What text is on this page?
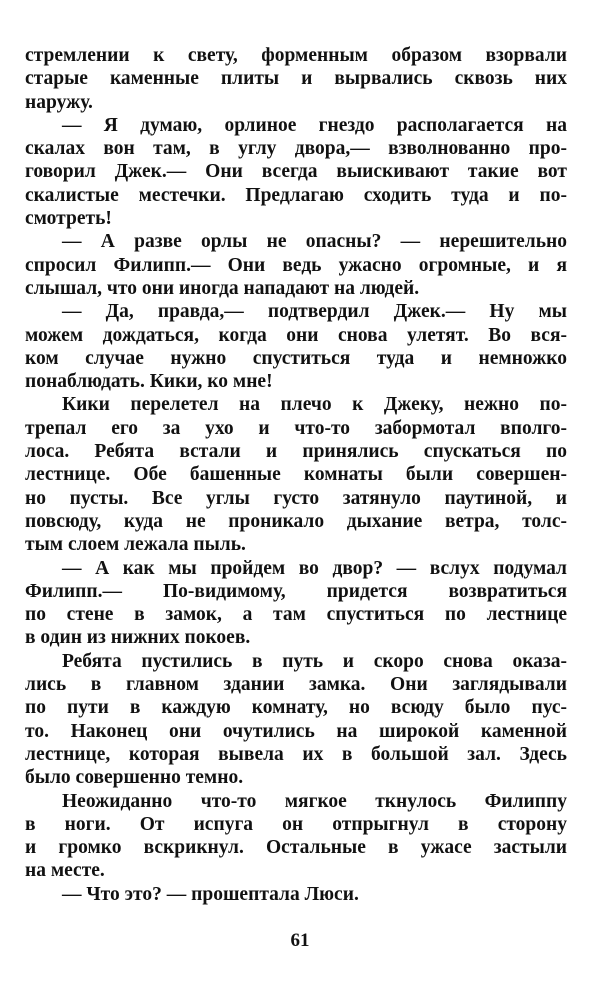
стремлении к свету, форменным образом взорвали
старые каменные плиты и вырвались сквозь них
наружу.
— Я думаю, орлиное гнездо располагается на
скалах вон там, в углу двора,— взволнованно про-
говорил Джек.— Они всегда выискивают такие вот
скалистые местечки. Предлагаю сходить туда и по-
смотреть!
— А разве орлы не опасны? — нерешительно
спросил Филипп.— Они ведь ужасно огромные, и я
слышал, что они иногда нападают на людей.
— Да, правда,— подтвердил Джек.— Ну мы
можем дождаться, когда они снова улетят. Во вся-
ком случае нужно спуститься туда и немножко
понаблюдать. Кики, ко мне!
Кики перелетел на плечо к Джеку, нежно по-
трепал его за ухо и что-то забормотал вполго-
лоса. Ребята встали и принялись спускаться по
лестнице. Обе башенные комнаты были совершен-
но пусты. Все углы густо затянуло паутиной, и
повсюду, куда не проникало дыхание ветра, толс-
тым слоем лежала пыль.
— А как мы пройдем во двор? — вслух подумал
Филипп.— По-видимому, придется возвратиться
по стене в замок, а там спуститься по лестнице
в один из нижних покоев.
Ребята пустились в путь и скоро снова оказа-
лись в главном здании замка. Они заглядывали
по пути в каждую комнату, но всюду было пус-
то. Наконец они очутились на широкой каменной
лестнице, которая вывела их в большой зал. Здесь
было совершенно темно.
Неожиданно что-то мягкое ткнулось Филиппу
в ноги. От испуга он отпрыгнул в сторону
и громко вскрикнул. Остальные в ужасе застыли
на месте.
— Что это? — прошептала Люси.
61
